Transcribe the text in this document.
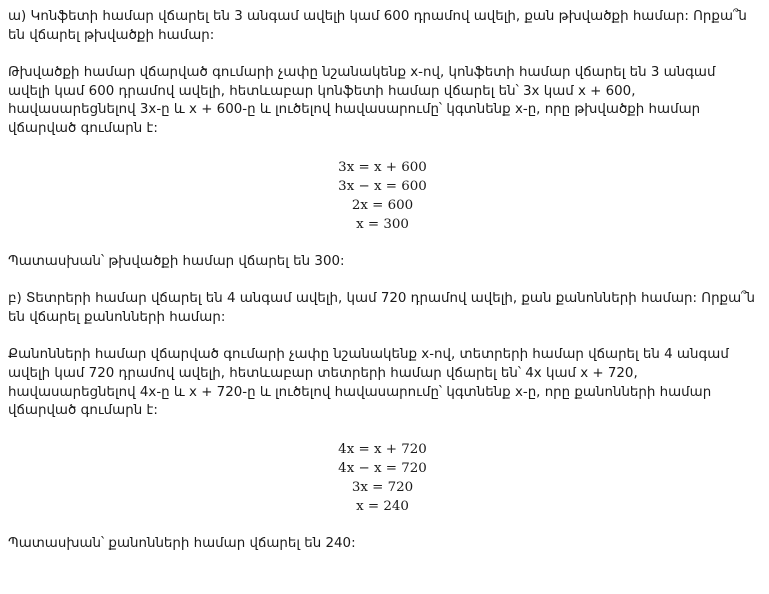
ա) Կոնֆետի համար վճարել են 3 անգամ ավելի կամ 600 դրամով ավելի, քան թխվածքի համար: Որքա՞ն են վճարել թխվածքի համար:

Թխվածքի համար վճարված գումարի չափը նշանակենք x-ով, կոնֆետի համար վճարել են 3 անգամ ավելի կամ 600 դրամով ավելի, հետևաբար կոնֆետի համար վճարել են՝ 3x կամ x + 600, հավասարեցնելով 3x-ը և x + 600-ը և լուծելով հավասարումը՝ կգտնենք x-ը, որը թխվածքի համար վճարված գումարն է:

3x = x + 600
3x − x = 600
2x = 600
x = 300

Պատասխան՝ թխվածքի համար վճարել են 300:

բ) Տետրերի համար վճարել են 4 անգամ ավելի, կամ 720 դրամով ավելի, քան քանոնների համար: Որքա՞ն են վճարել քանոնների համար:

Քանոնների համար վճարված գումարի չափը նշանակենք x-ով, տետրերի համար վճարել են 4 անգամ ավելի կամ 720 դրամով ավելի, հետևաբար տետրերի համար վճարել են՝ 4x կամ x + 720, հավասարեցնելով 4x-ը և x + 720-ը և լուծելով հավասարումը՝ կգտնենք x-ը, որը քանոնների համար վճարված գումարն է:

4x = x + 720
4x − x = 720
3x = 720
x = 240

Պատասխան՝ քանոնների համար վճարել են 240:
